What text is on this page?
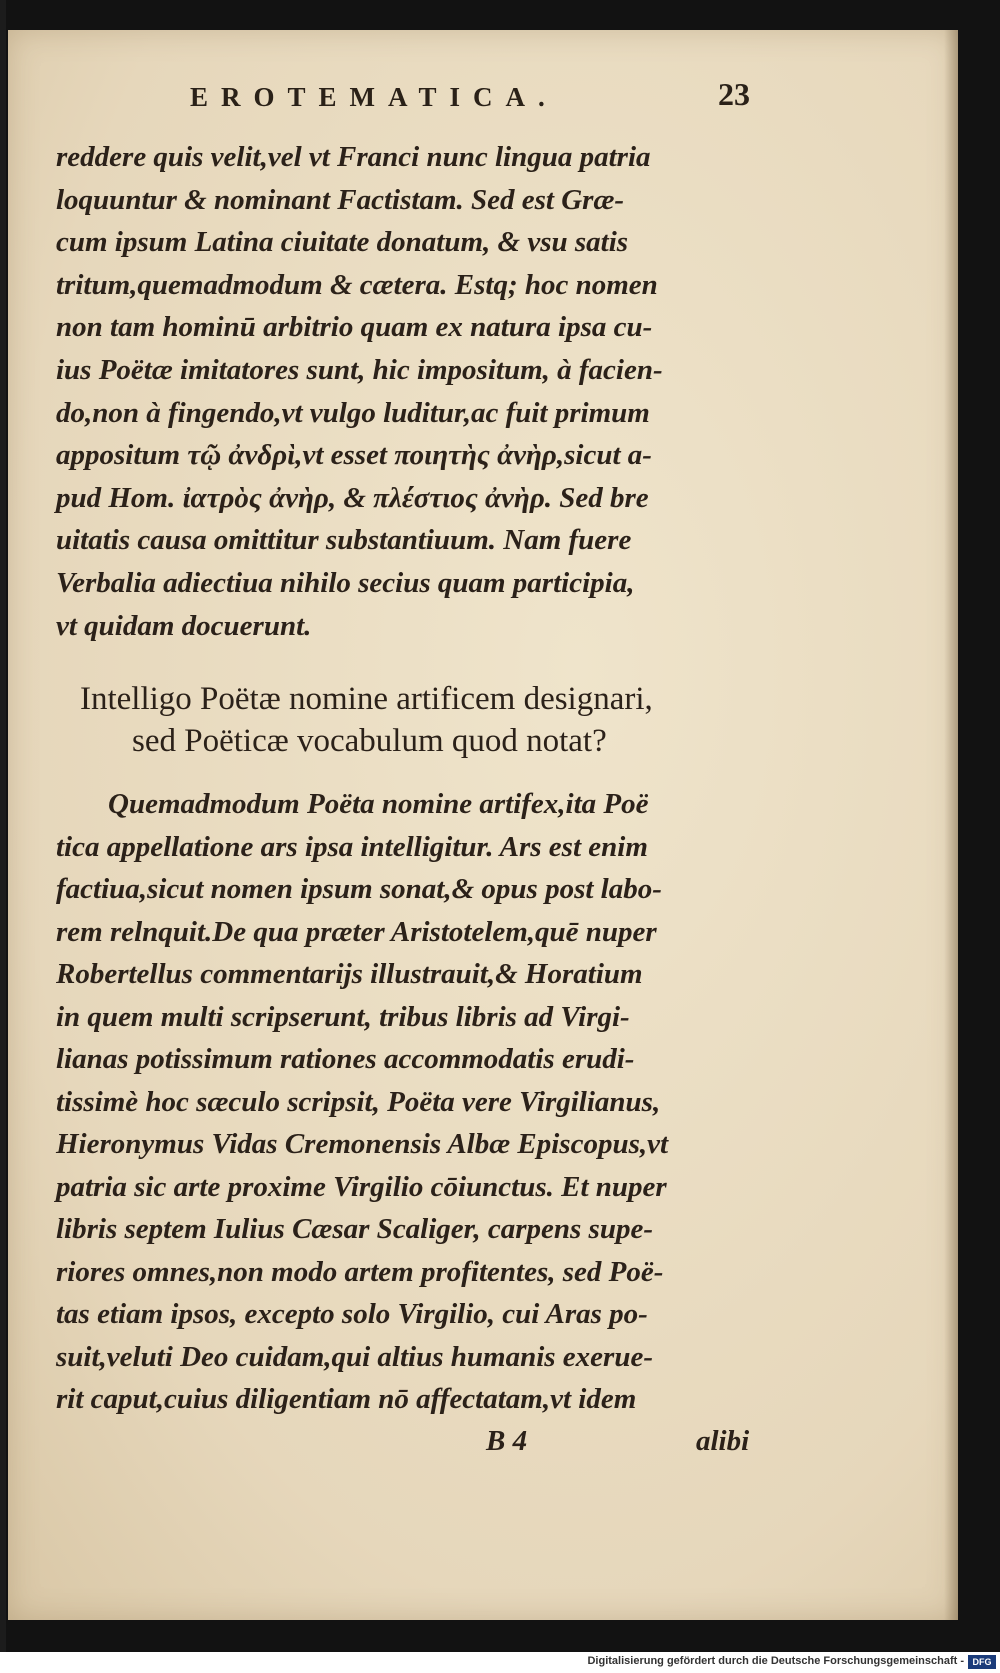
EROTEMATICA.	23
reddere quis velit,vel vt Franci nunc lingua patria
loquuntur & nominant Factistam. Sed est Græ-
cum ipsum Latina ciuitate donatum, & vsu satis
tritum,quemadmodum & cætera. Estq; hoc nomen
non tam hominū arbitrio quam ex natura ipsa cu-
ius Poëtæ imitatores sunt, hic impositum, à facien-
do,non à fingendo,vt vulgo luditur,ac fuit primum
appositum τῷ ἀνδρὶ,vt esset ποιητὴς ἀνὴρ,sicut a-
pud Hom. ἰατρὸς ἀνὴρ, & πλέστιος ἀνὴρ. Sed bre
uitatis causa omittitur substantiuum. Nam fuere
Verbalia adiectiua nihilo secius quam participia,
vt quidam docuerunt.
Intelligo Poëtæ nomine artificem designari,
sed Poëticæ vocabulum quod notat?
Quemadmodum Poëta nomine artifex,ita Poë
tica appellatione ars ipsa intelligitur. Ars est enim
factiua,sicut nomen ipsum sonat,& opus post labo-
rem relnquit.De qua præter Aristotelem,quē nuper
Robertellus commentarijs illustrauit,& Horatium
in quem multi scripserunt, tribus libris ad Virgi-
lianas potissimum rationes accommodatis erudi-
tissimè hoc sæculo scripsit, Poëta vere Virgilianus,
Hieronymus Vidas Cremonensis Albæ Episcopus,vt
patria sic arte proxime Virgilio cōiunctus. Et nuper
libris septem Iulius Cæsar Scaliger, carpens supe-
riores omnes,non modo artem profitentes, sed Poë-
tas etiam ipsos, excepto solo Virgilio, cui Aras po-
suit,veluti Deo cuidam,qui altius humanis exerue-
rit caput,cuius diligentiam nō affectatam,vt idem
B 4	alibi
Digitalisierung gefördert durch die Deutsche Forschungsgemeinschaft - DFG
